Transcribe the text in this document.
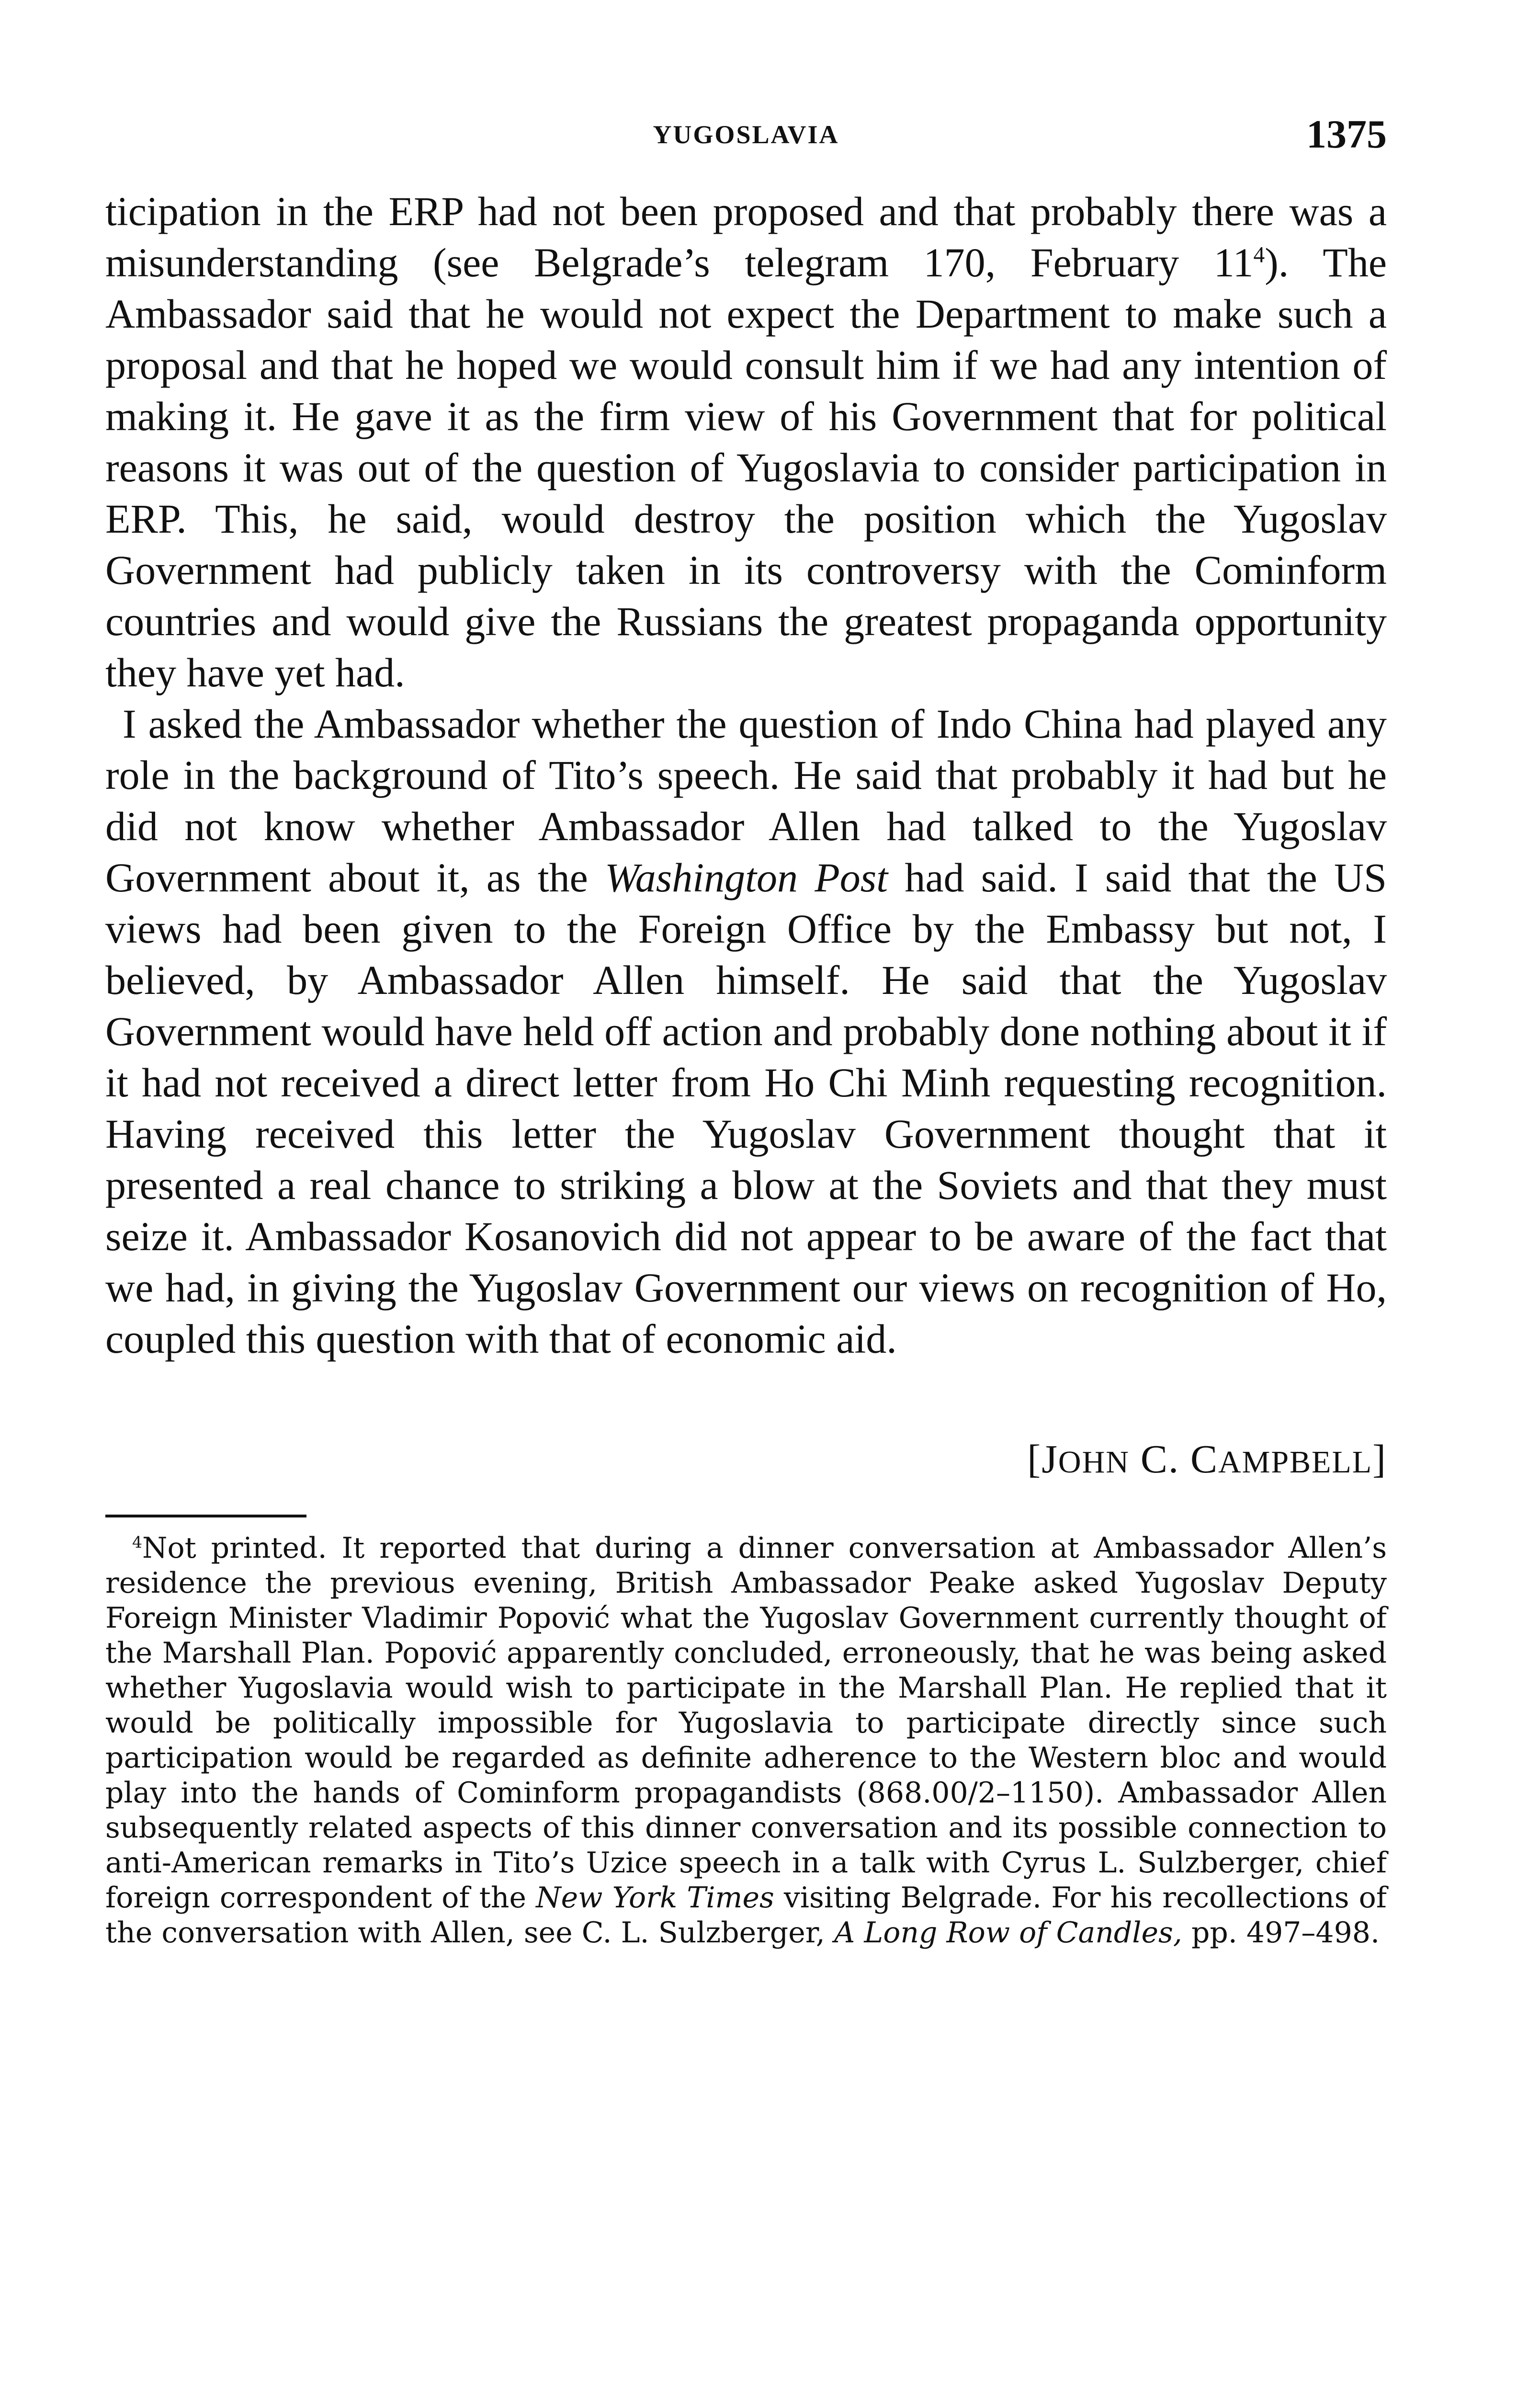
YUGOSLAVIA	1375

ticipation in the ERP had not been proposed and that probably there was a misunderstanding (see Belgrade’s telegram 170, February $11^4$). The Ambassador said that he would not expect the Department to make such a proposal and that he hoped we would consult him if we had any intention of making it. He gave it as the firm view of his Government that for political reasons it was out of the question of Yugoslavia to consider participation in ERP. This, he said, would destroy the position which the Yugoslav Government had publicly taken in its controversy with the Cominform countries and would give the Russians the greatest propaganda opportunity they have yet had.

I asked the Ambassador whether the question of Indo China had played any role in the background of Tito’s speech. He said that probably it had but he did not know whether Ambassador Allen had talked to the Yugoslav Government about it, as the Washington Post had said. I said that the US views had been given to the Foreign Office by the Embassy but not, I believed, by Ambassador Allen himself. He said that the Yugoslav Government would have held off action and probably done nothing about it if it had not received a direct letter from Ho Chi Minh requesting recognition. Having received this letter the Yugoslav Government thought that it presented a real chance to striking a blow at the Soviets and that they must seize it. Ambassador Kosanovich did not appear to be aware of the fact that we had, in giving the Yugoslav Government our views on recognition of Ho, coupled this question with that of economic aid.

[JOHN C. CAMPBELL]
$^4$Not printed. It reported that during a dinner conversation at Ambassador Allen’s residence the previous evening, British Ambassador Peake asked Yugoslav Deputy Foreign Minister Vladimir Popović what the Yugoslav Government currently thought of the Marshall Plan. Popović apparently concluded, erroneously, that he was being asked whether Yugoslavia would wish to participate in the Marshall Plan. He replied that it would be politically impossible for Yugoslavia to participate directly since such participation would be regarded as definite adherence to the Western bloc and would play into the hands of Cominform propagandists (868.00/2–1150). Ambassador Allen subsequently related aspects of this dinner conversation and its possible connection to anti-American remarks in Tito’s Uzice speech in a talk with Cyrus L. Sulzberger, chief foreign correspondent of the New York Times visiting Belgrade. For his recollections of the conversation with Allen, see C. L. Sulzberger, A Long Row of Candles, pp. 497–498.
